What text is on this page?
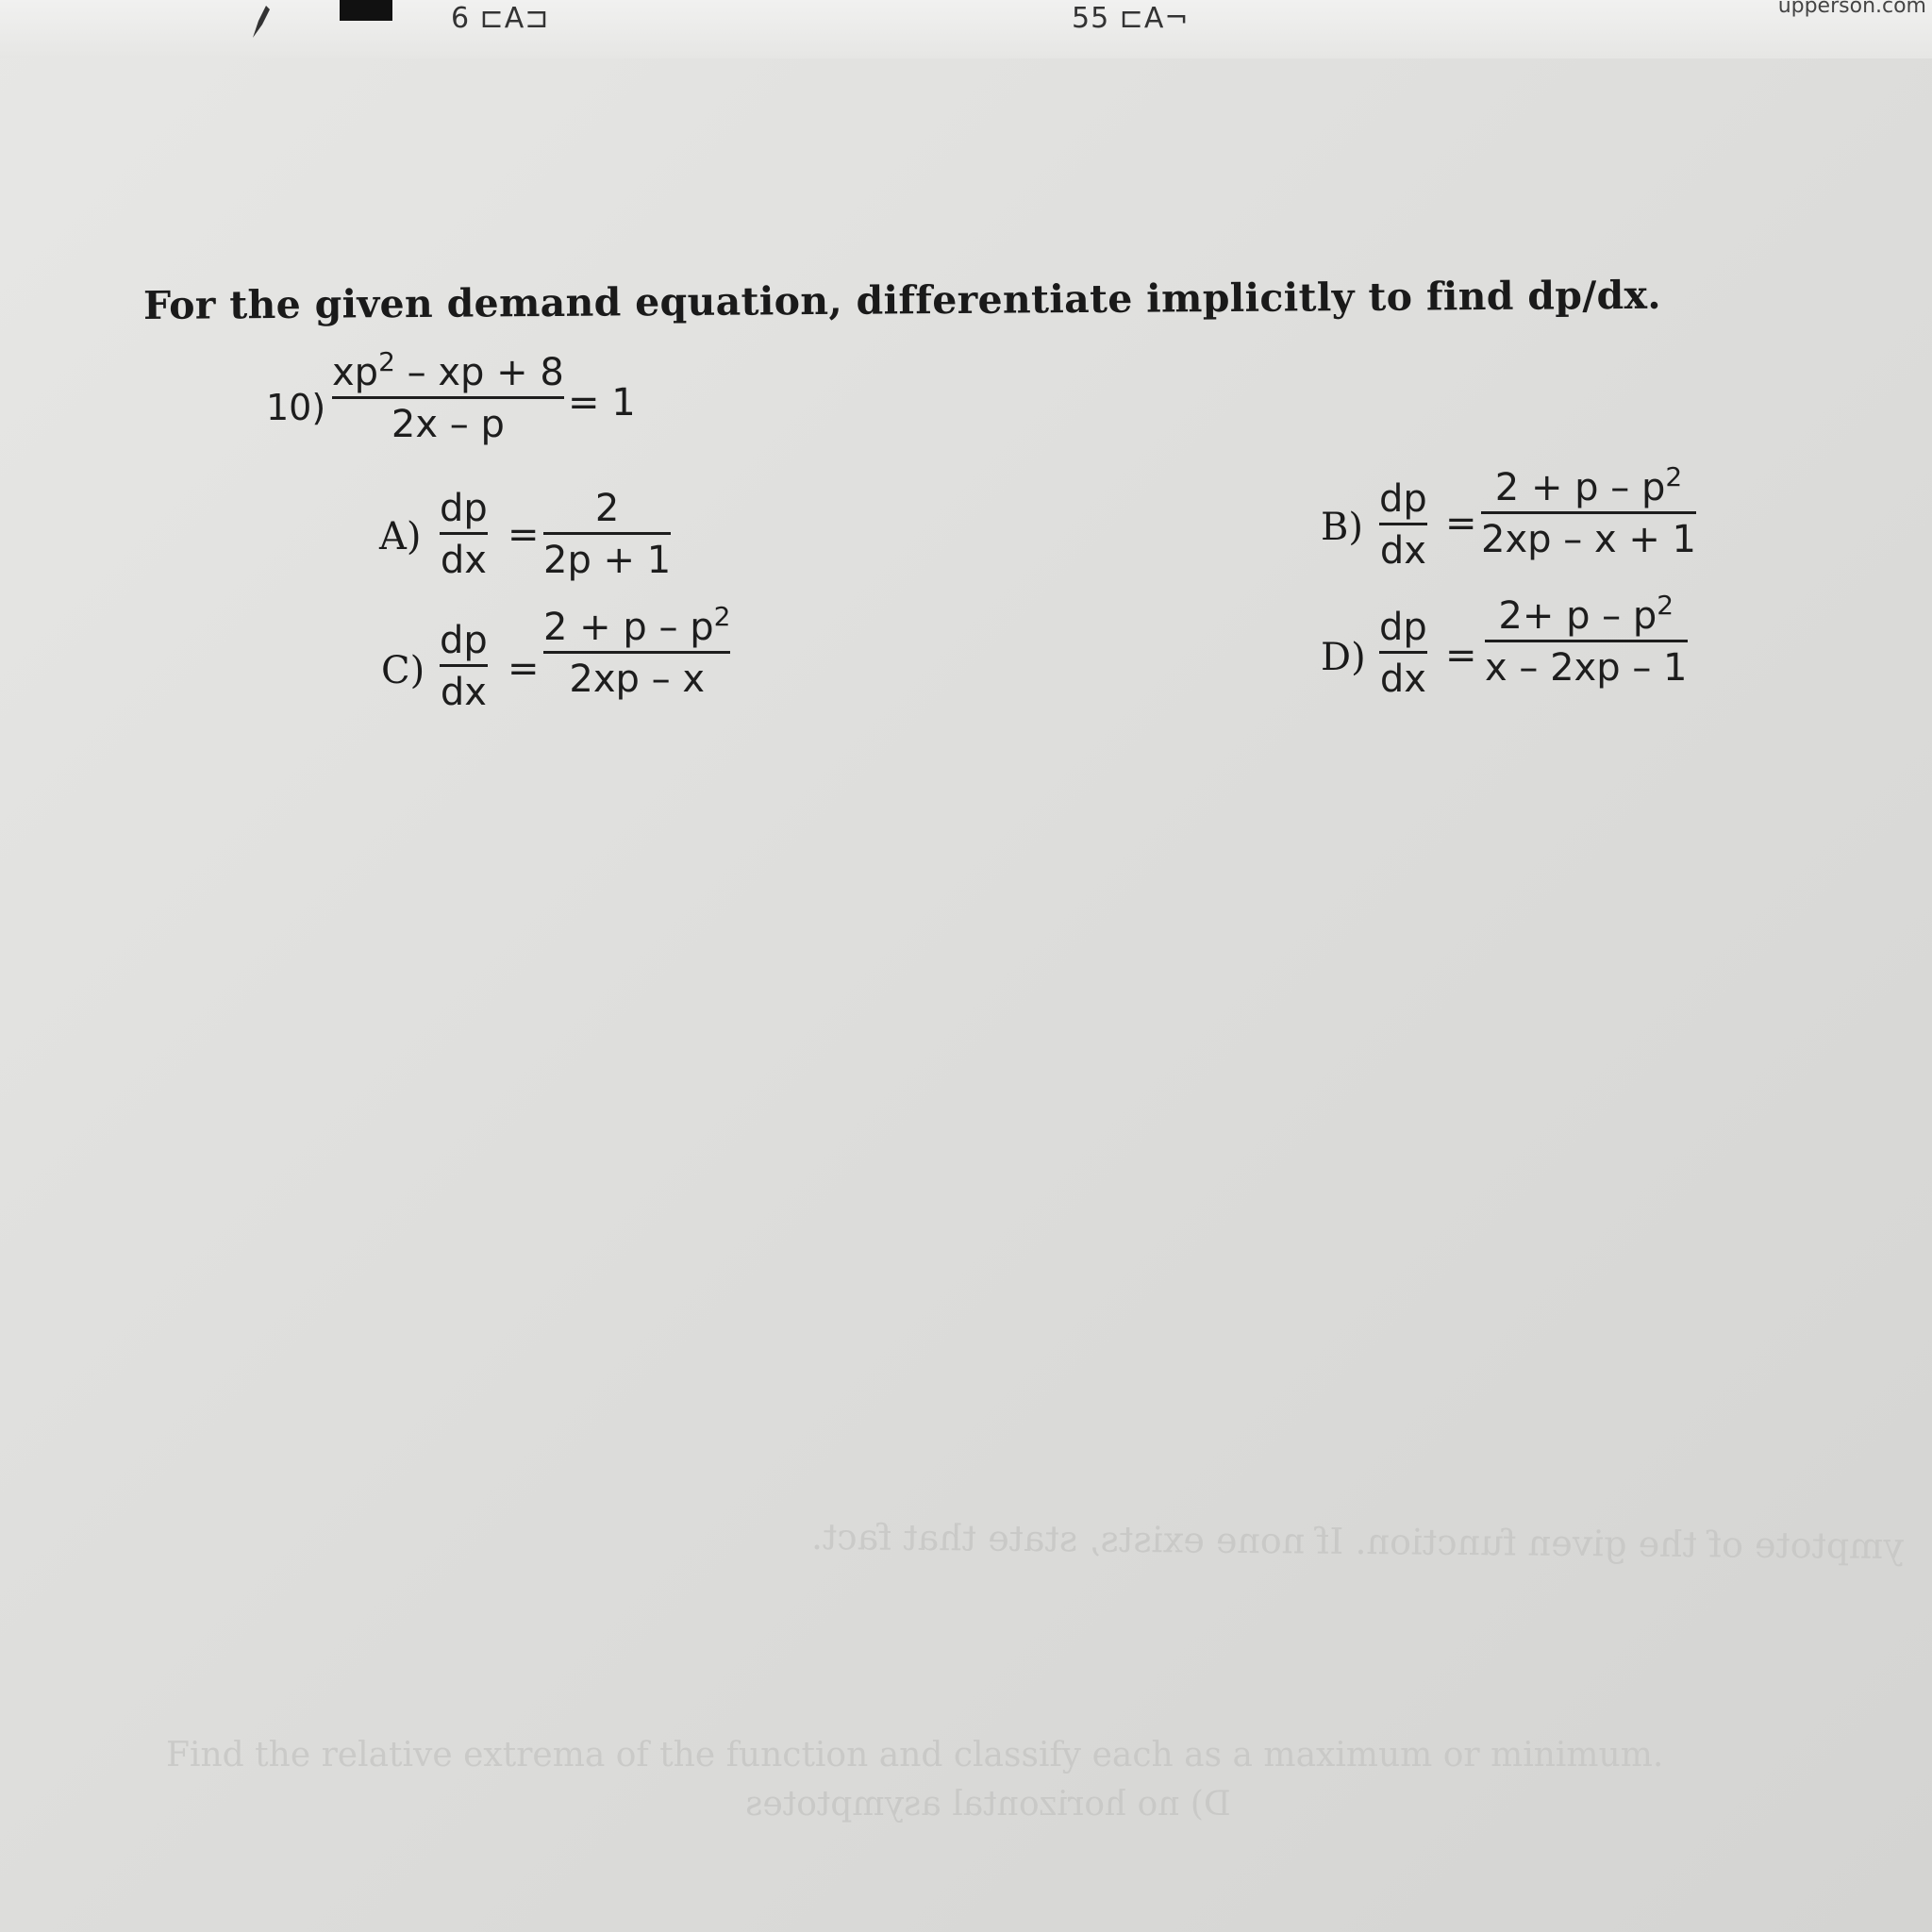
6 ⊏A⊐	55 ⊏A¬	upperson.com
ymptote of the given function. If none exists, state that fact.
Find the relative extrema of the function and classify each as a maximum or minimum.
D) no horizontal asymptotes
For the given demand equation, differentiate implicitly to find dp/dx.
10)
$xp^2$ – xp + 8
2x – p = 1
A)
dp
dx
=
2
2p + 1
B)
dp
dx
=
$2 + p - p^2$
2xp – x + 1
C)
dp
dx
=
$2 + p - p^2$
2xp – x	D)
dp
dx
=
$2+ p - p^2$
x – 2xp – 1
